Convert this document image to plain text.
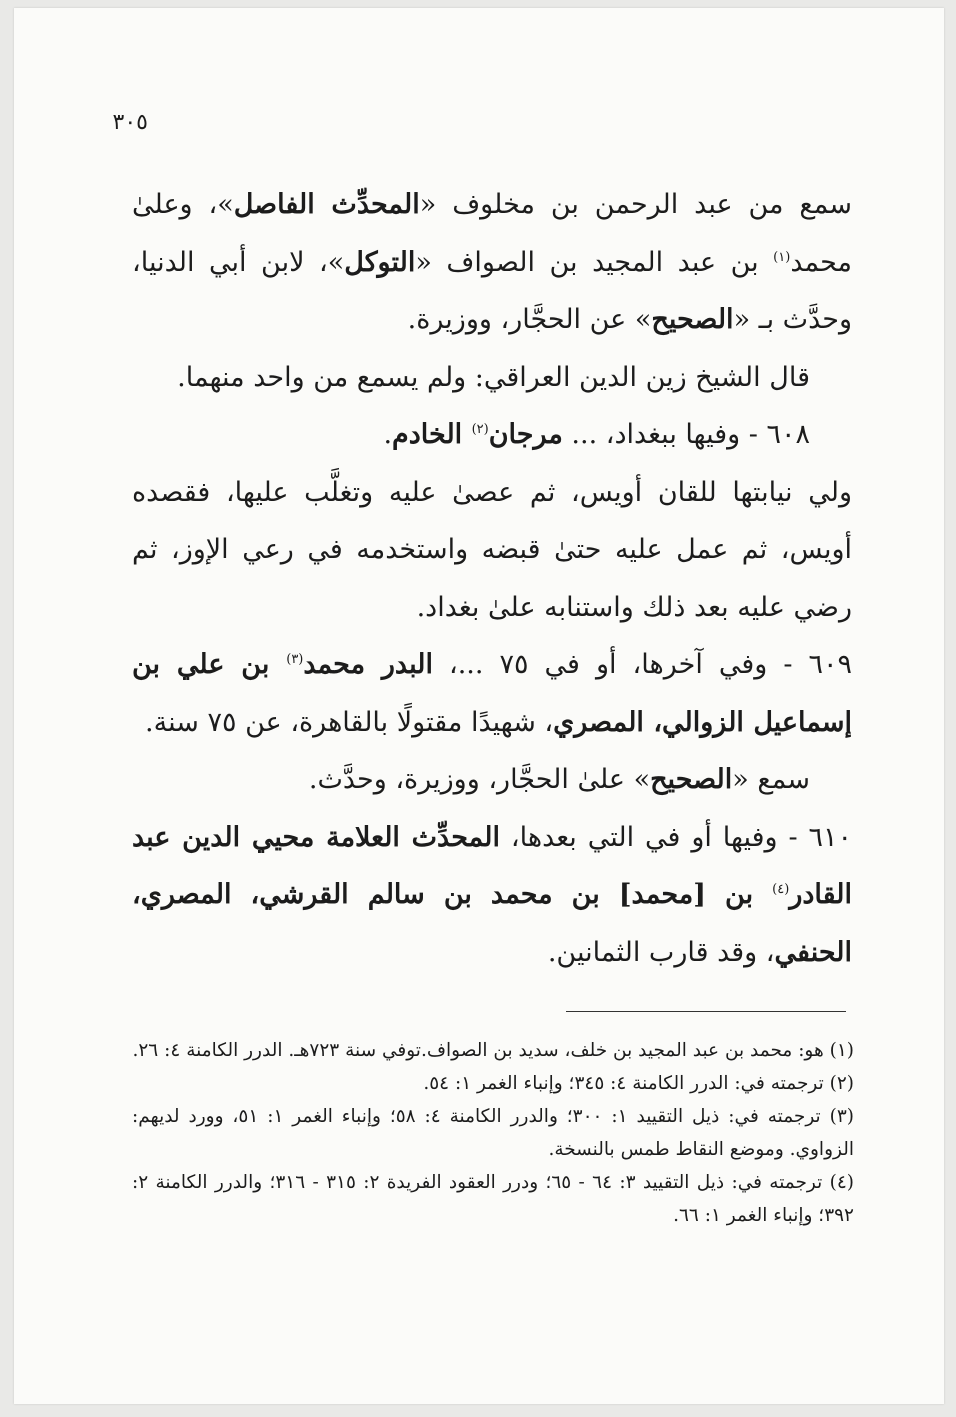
٣٠٥

سمع من عبد الرحمن بن مخلوف «المحدِّث الفاصل»، وعلىٰ محمد$^{(١)}$ بن عبد المجيد بن الصواف «التوكل»، لابن أبي الدنيا، وحدَّث بـ «الصحيح» عن الحجَّار، ووزيرة.

قال الشيخ زين الدين العراقي: ولم يسمع من واحد منهما.

٦٠٨ - وفيها ببغداد، ... مرجان$^{(٢)}$ الخادم.

ولي نيابتها للقان أويس، ثم عصىٰ عليه وتغلَّب عليها، فقصده أويس، ثم عمل عليه حتىٰ قبضه واستخدمه في رعي الإوز، ثم رضي عليه بعد ذلك واستنابه علىٰ بغداد.

٦٠٩ - وفي آخرها، أو في ٧٥ ...، البدر محمد$^{(٣)}$ بن علي بن إسماعيل الزوالي، المصري، شهيدًا مقتولًا بالقاهرة، عن ٧٥ سنة.

سمع «الصحيح» علىٰ الحجَّار، ووزيرة، وحدَّث.

٦١٠ - وفيها أو في التي بعدها، المحدِّث العلامة محيي الدين عبد القادر$^{(٤)}$ بن [محمد] بن محمد بن سالم القرشي، المصري، الحنفي، وقد قارب الثمانين.

(١) هو: محمد بن عبد المجيد بن خلف، سديد بن الصواف.توفي سنة ٧٢٣هـ. الدرر الكامنة ٤: ٢٦.

(٢) ترجمته في: الدرر الكامنة ٤: ٣٤٥؛ وإنباء الغمر ١: ٥٤.

(٣) ترجمته في: ذيل التقييد ١: ٣٠٠؛ والدرر الكامنة ٤: ٥٨؛ وإنباء الغمر ١: ٥١، وورد لديهم: الزواوي. وموضع النقاط طمس بالنسخة.

(٤) ترجمته في: ذيل التقييد ٣: ٦٤ - ٦٥؛ ودرر العقود الفريدة ٢: ٣١٥ - ٣١٦؛ والدرر الكامنة ٢: ٣٩٢؛ وإنباء الغمر ١: ٦٦.
